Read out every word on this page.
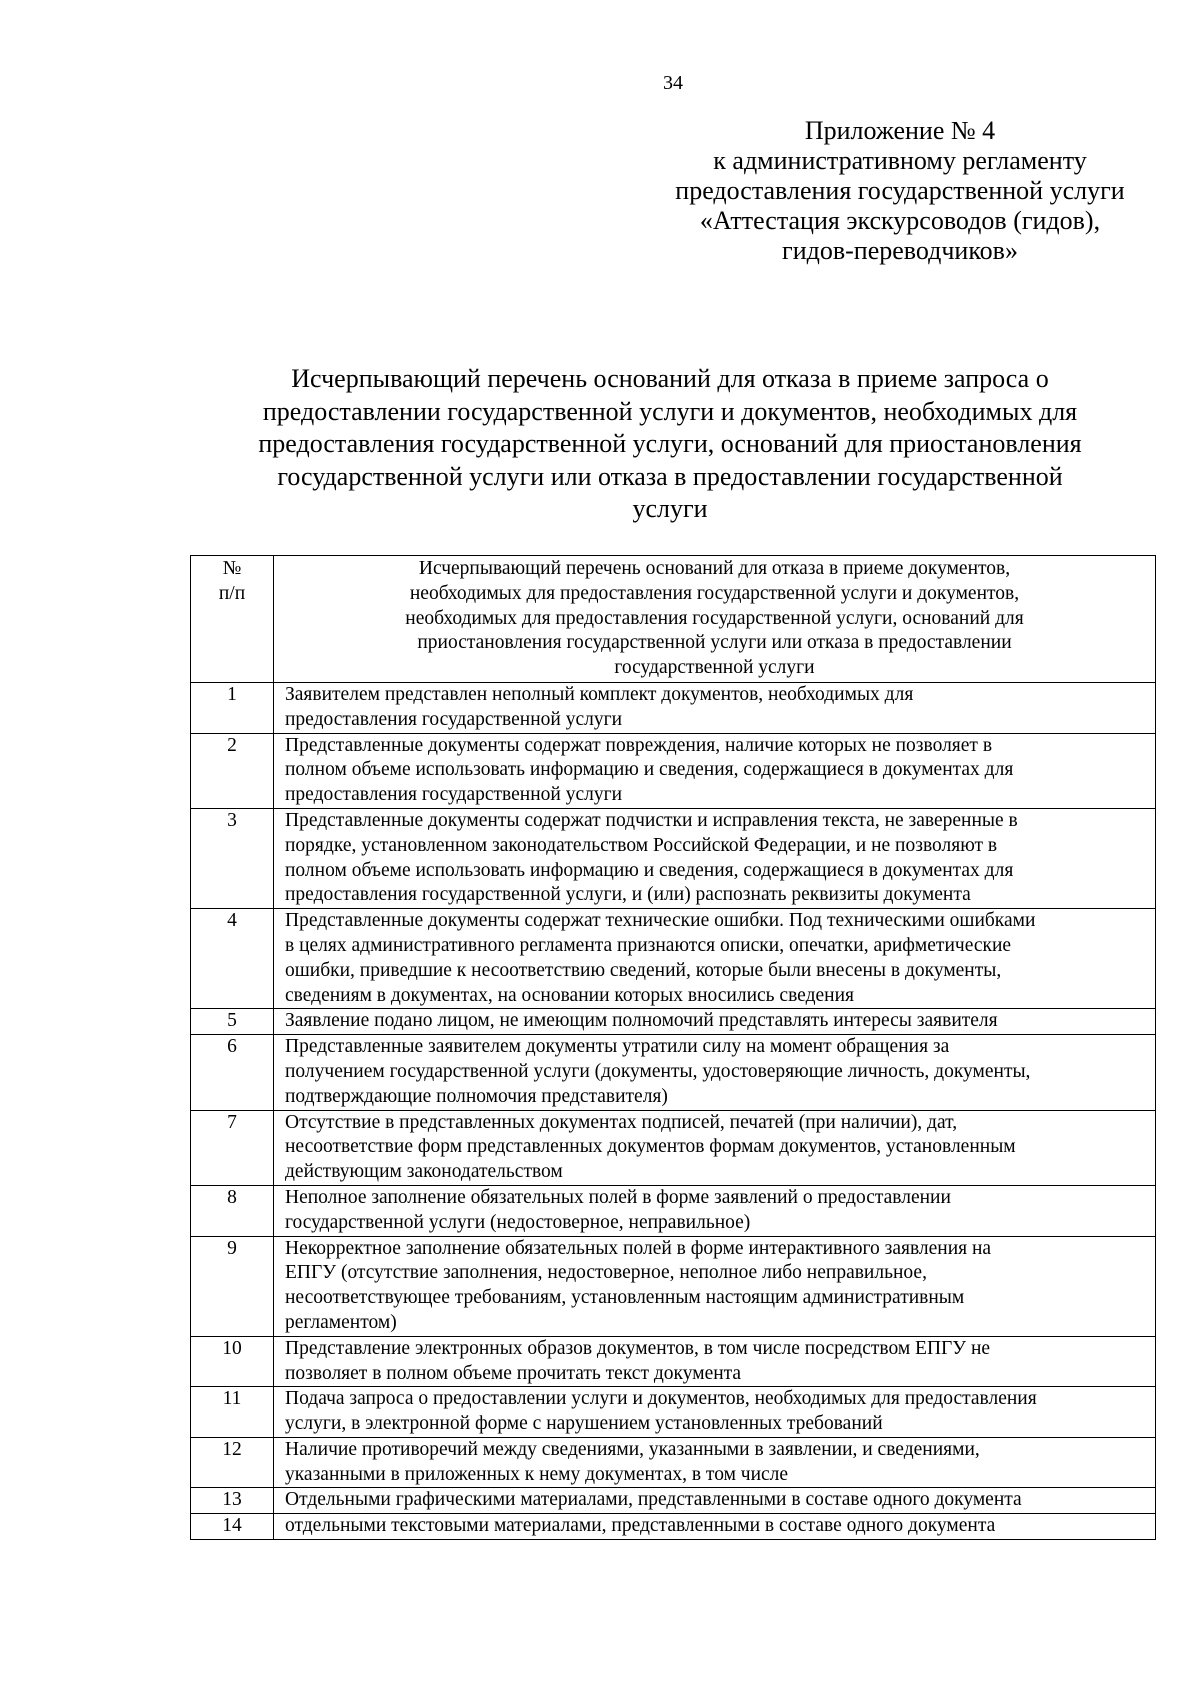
34
Приложение № 4
к административному регламенту
предоставления государственной услуги
«Аттестация экскурсоводов (гидов),
гидов-переводчиков»
Исчерпывающий перечень оснований для отказа в приеме запроса о
предоставлении государственной услуги и документов, необходимых для
предоставления государственной услуги, оснований для приостановления
государственной услуги или отказа в предоставлении государственной
услуги
№
п/п	Исчерпывающий перечень оснований для отказа в приеме документов,
необходимых для предоставления государственной услуги и документов,
необходимых для предоставления государственной услуги, оснований для
приостановления государственной услуги или отказа в предоставлении
государственной услуги

1	Заявителем представлен неполный комплект документов, необходимых для
предоставления государственной услуги

2	Представленные документы содержат повреждения, наличие которых не позволяет в
полном объеме использовать информацию и сведения, содержащиеся в документах для
предоставления государственной услуги

3	Представленные документы содержат подчистки и исправления текста, не заверенные в
порядке, установленном законодательством Российской Федерации, и не позволяют в
полном объеме использовать информацию и сведения, содержащиеся в документах для
предоставления государственной услуги, и (или) распознать реквизиты документа

4	Представленные документы содержат технические ошибки. Под техническими ошибками
в целях административного регламента признаются описки, опечатки, арифметические
ошибки, приведшие к несоответствию сведений, которые были внесены в документы,
сведениям в документах, на основании которых вносились сведения

5	Заявление подано лицом, не имеющим полномочий представлять интересы заявителя

6	Представленные заявителем документы утратили силу на момент обращения за
получением государственной услуги (документы, удостоверяющие личность, документы,
подтверждающие полномочия представителя)

7	Отсутствие в представленных документах подписей, печатей (при наличии), дат,
несоответствие форм представленных документов формам документов, установленным
действующим законодательством

8	Неполное заполнение обязательных полей в форме заявлений о предоставлении
государственной услуги (недостоверное, неправильное)

9	Некорректное заполнение обязательных полей в форме интерактивного заявления на
ЕПГУ (отсутствие заполнения, недостоверное, неполное либо неправильное,
несоответствующее требованиям, установленным настоящим административным
регламентом)

10	Представление электронных образов документов, в том числе посредством ЕПГУ не
позволяет в полном объеме прочитать текст документа

11	Подача запроса о предоставлении услуги и документов, необходимых для предоставления
услуги, в электронной форме с нарушением установленных требований

12	Наличие противоречий между сведениями, указанными в заявлении, и сведениями,
указанными в приложенных к нему документах, в том числе

13	Отдельными графическими материалами, представленными в составе одного документа

14	отдельными текстовыми материалами, представленными в составе одного документа
